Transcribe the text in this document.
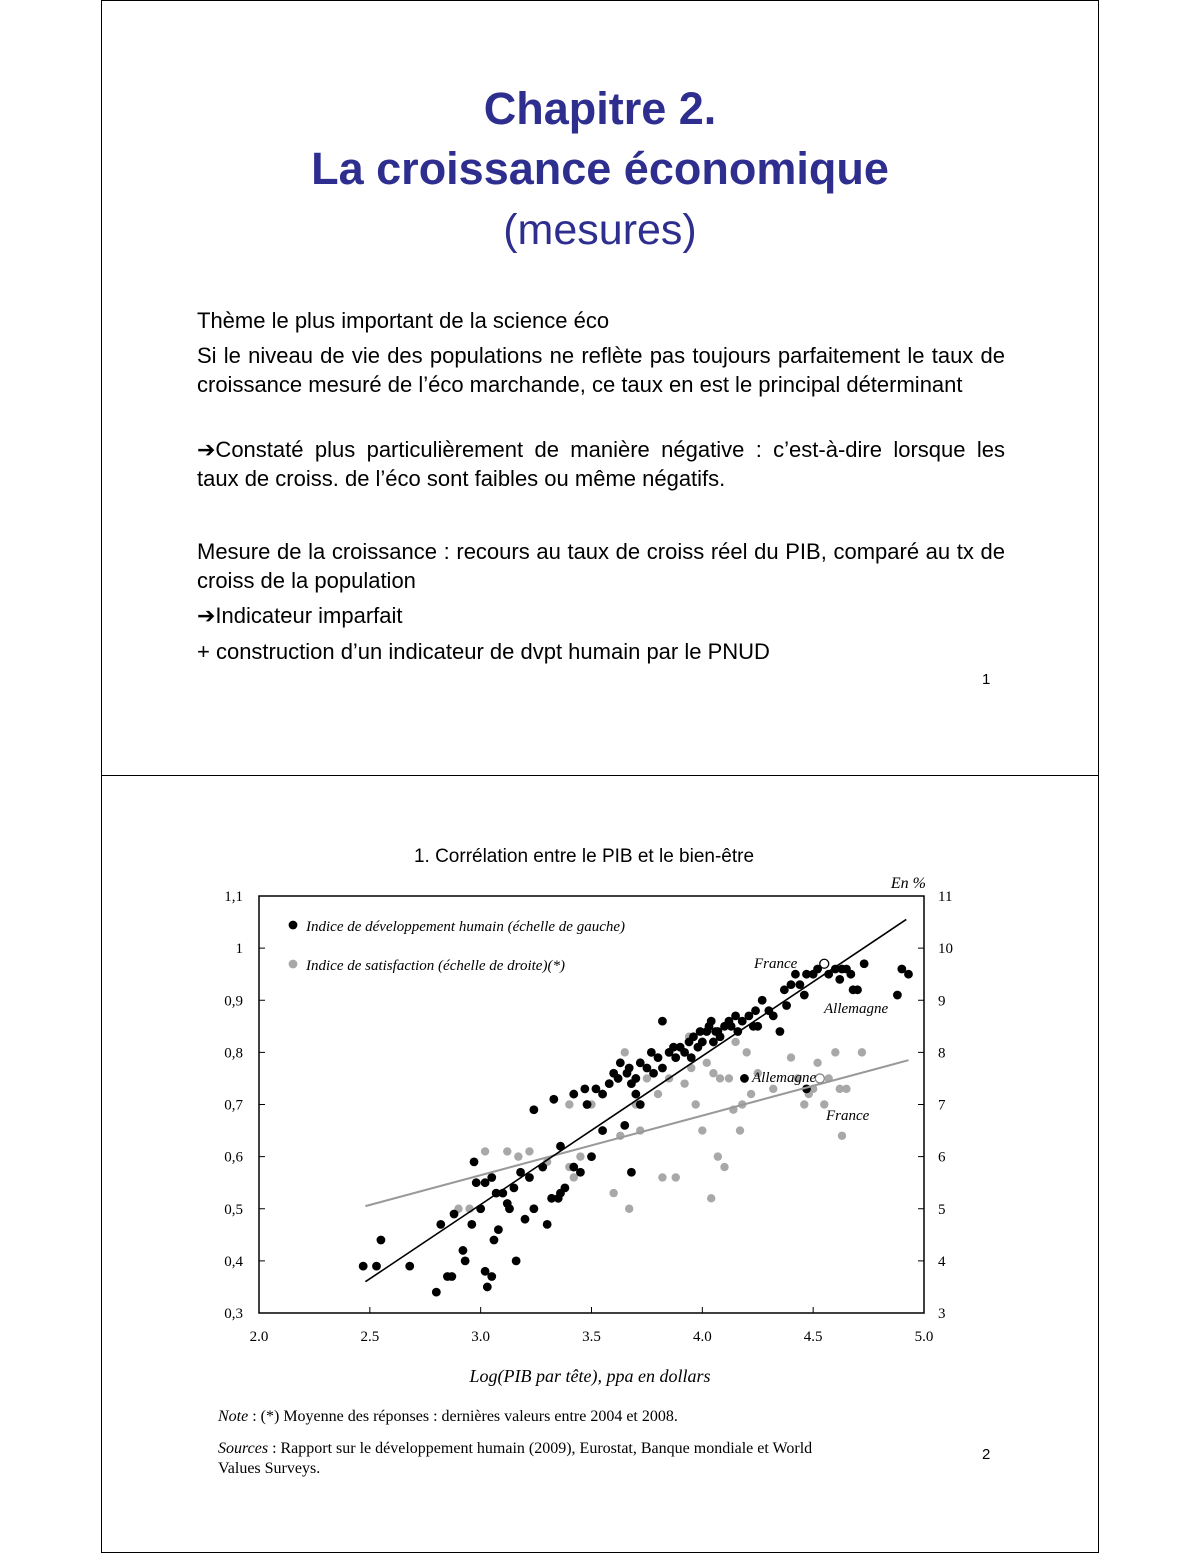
Chapitre 2.
La croissance économique
(mesures)

Thème le plus important de la science éco

Si le niveau de vie des populations ne reflète pas toujours parfaitement le taux de croissance mesuré de l’éco marchande, ce taux en est le principal déterminant

➔Constaté plus particulièrement de manière négative : c’est-à-dire lorsque les taux de croiss. de l’éco sont faibles ou même négatifs.

Mesure de la croissance : recours au taux de croiss réel du PIB, comparé au tx de croiss de la population

➔Indicateur imparfait

+ construction d’un indicateur de dvpt humain par le PNUD

1
1. Corrélation entre le PIB et le bien-être
En %
0,3
0,4
0,5
0,6
0,7
0,8
0,9
1
1,1
3
4
5
6
7
8
9
10
11
2.0	2.5	3.0	3.5	4.0	4.5	5.0
Log(PIB par tête), ppa en dollars
France
Allemagne
Allemagne
France
Indice de développement humain (échelle de gauche)
Indice de satisfaction (échelle de droite)(*)
Note : (*) Moyenne des réponses : dernières valeurs entre 2004 et 2008.
Sources : Rapport sur le développement humain (2009), Eurostat, Banque mondiale et World Values Surveys.
2
